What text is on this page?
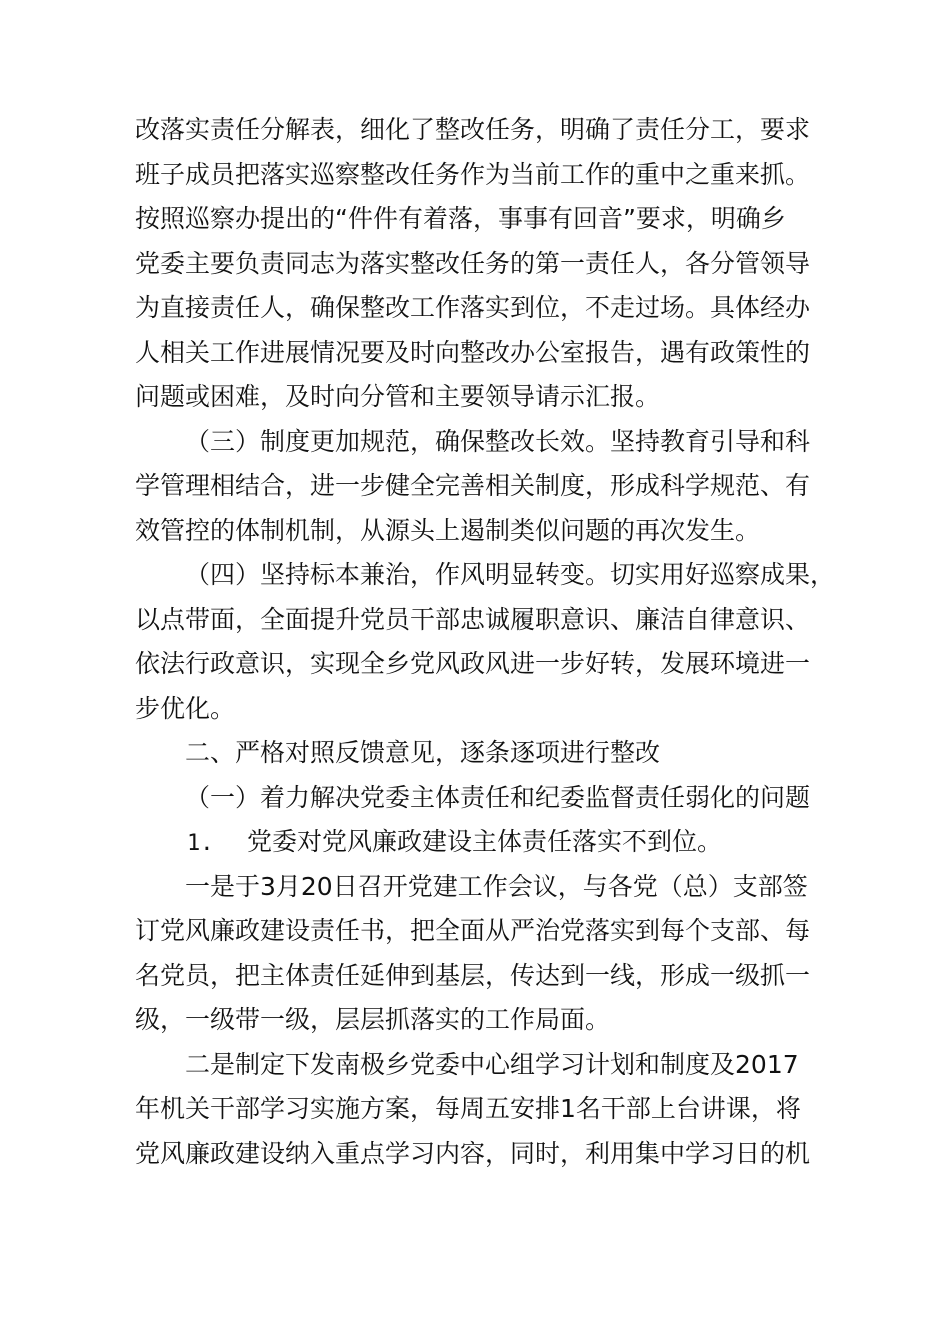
改落实责任分解表，细化了整改任务，明确了责任分工，要求
班子成员把落实巡察整改任务作为当前工作的重中之重来抓。
按照巡察办提出的“件件有着落，事事有回音”要求，明确乡
党委主要负责同志为落实整改任务的第一责任人，各分管领导
为直接责任人，确保整改工作落实到位，不走过场。具体经办
人相关工作进展情况要及时向整改办公室报告，遇有政策性的
问题或困难，及时向分管和主要领导请示汇报。
（三）制度更加规范，确保整改长效。坚持教育引导和科
学管理相结合，进一步健全完善相关制度，形成科学规范、有
效管控的体制机制，从源头上遏制类似问题的再次发生。
（四）坚持标本兼治，作风明显转变。切实用好巡察成果，
以点带面，全面提升党员干部忠诚履职意识、廉洁自律意识、
依法行政意识，实现全乡党风政风进一步好转，发展环境进一
步优化。
二、严格对照反馈意见，逐条逐项进行整改
（一）着力解决党委主体责任和纪委监督责任弱化的问题
1. 党委对党风廉政建设主体责任落实不到位。
一是于3月20日召开党建工作会议，与各党（总）支部签
订党风廉政建设责任书，把全面从严治党落实到每个支部、每
名党员，把主体责任延伸到基层，传达到一线，形成一级抓一
级，一级带一级，层层抓落实的工作局面。
二是制定下发南极乡党委中心组学习计划和制度及2017
年机关干部学习实施方案，每周五安排1名干部上台讲课，将
党风廉政建设纳入重点学习内容，同时，利用集中学习日的机
